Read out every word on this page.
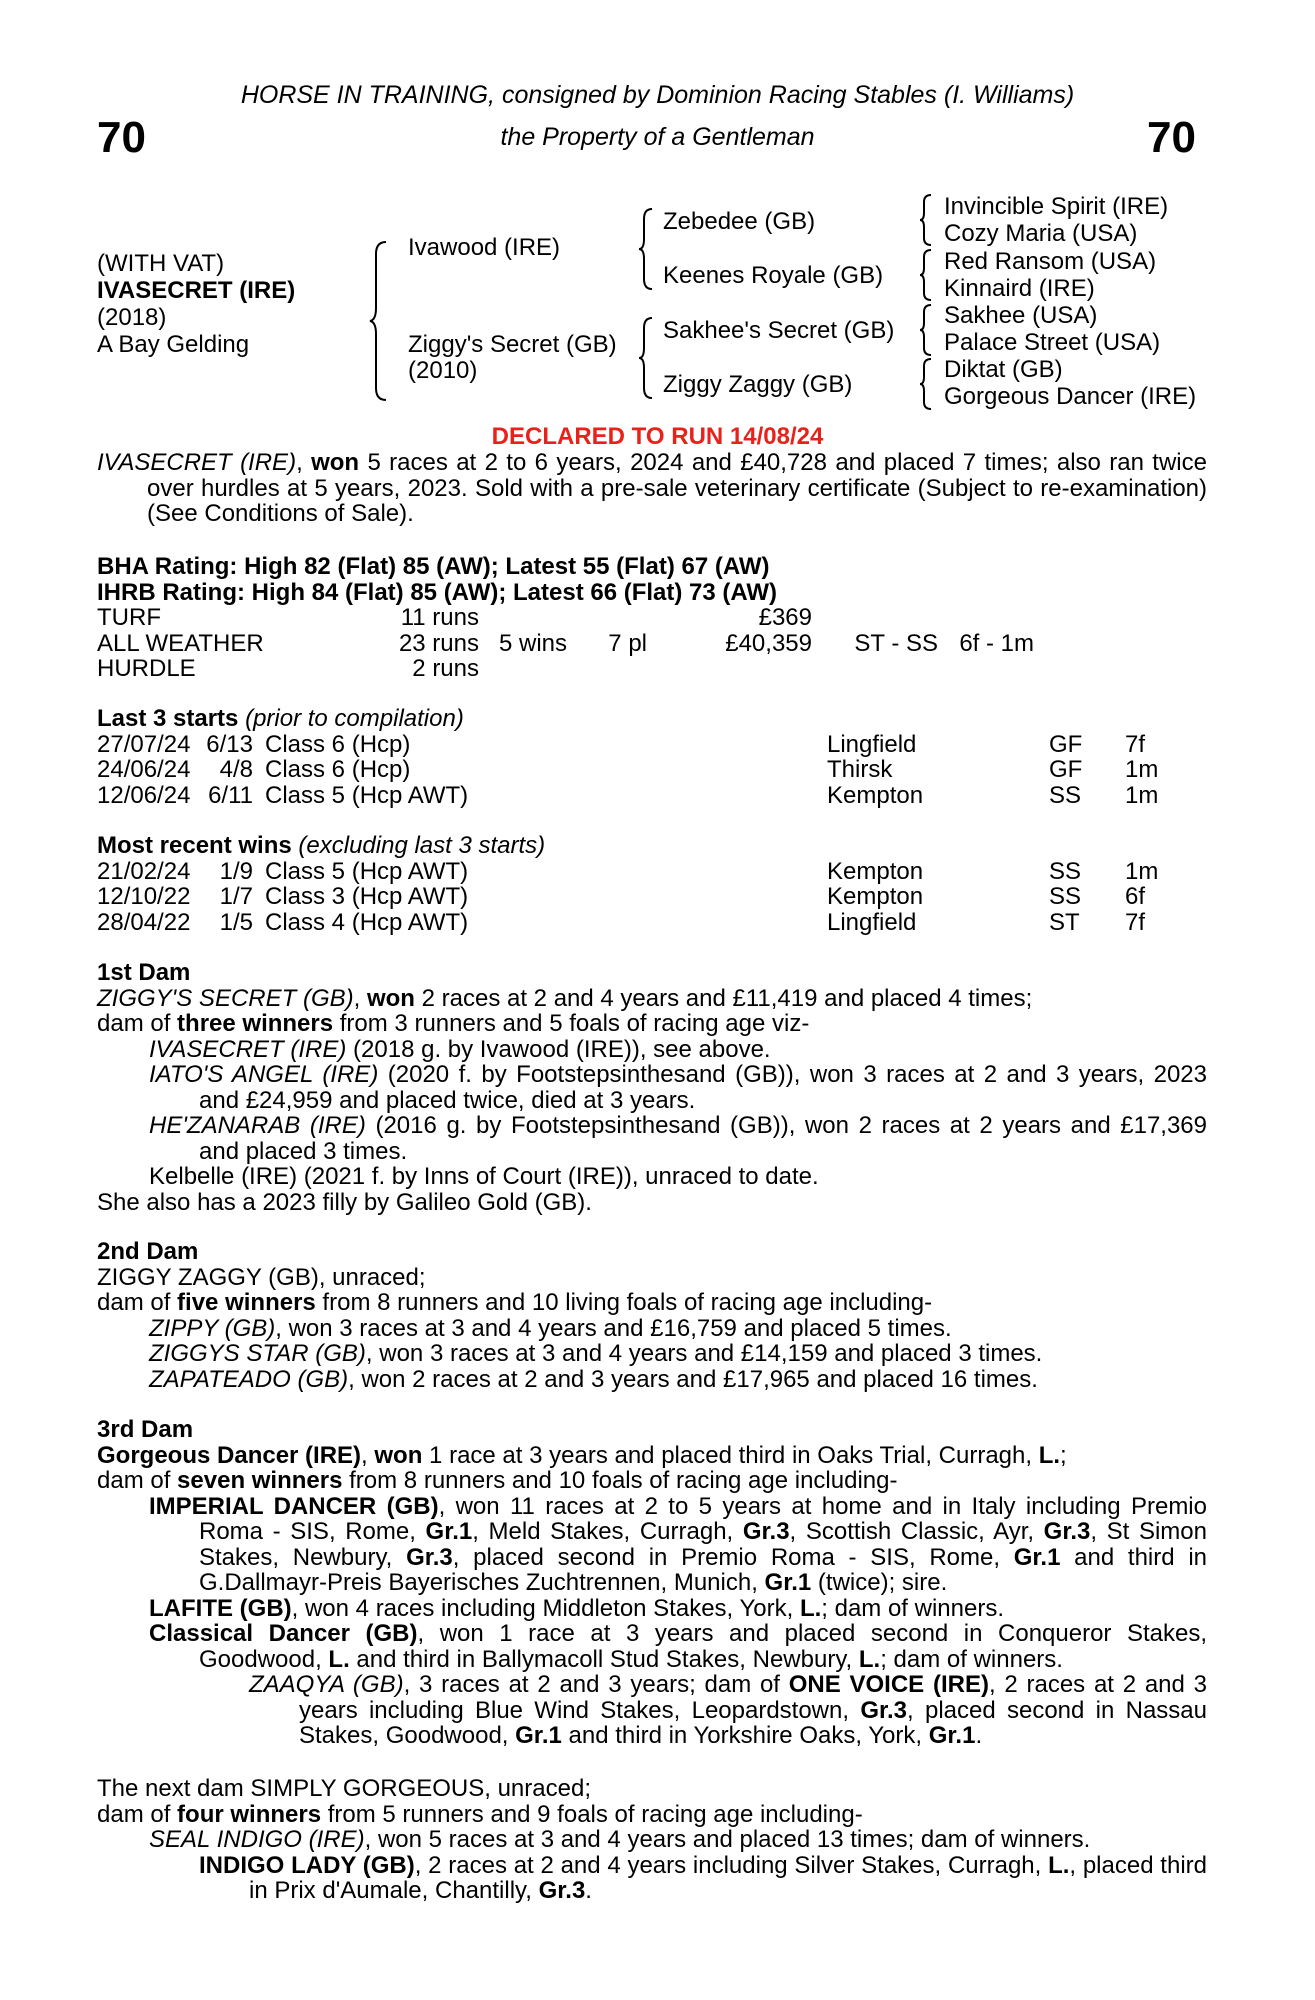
70	70
HORSE IN TRAINING, consigned by Dominion Racing Stables (I. Williams)
the Property of a Gentleman
(WITH VAT)
IVASECRET (IRE)
(2018)
A Bay Gelding
Ivawood (IRE)
Ziggy's Secret (GB)
(2010)
Zebedee (GB)
Keenes Royale (GB)
Sakhee's Secret (GB)
Ziggy Zaggy (GB)
Invincible Spirit (IRE)
Cozy Maria (USA)
Red Ransom (USA)
Kinnaird (IRE)
Sakhee (USA)
Palace Street (USA)
Diktat (GB)
Gorgeous Dancer (IRE)
DECLARED TO RUN 14/08/24

IVASECRET (IRE), won 5 races at 2 to 6 years, 2024 and £40,728 and placed 7 times; also ran twice over hurdles at 5 years, 2023. Sold with a pre-sale veterinary certificate (Subject to re-examination) (See Conditions of Sale).

BHA Rating: High 82 (Flat) 85 (AW); Latest 55 (Flat) 67 (AW)

IHRB Rating: High 84 (Flat) 85 (AW); Latest 66 (Flat) 73 (AW)

TURF	11 runs			£369		
ALL WEATHER	23 runs	5 wins	7 pl	£40,359	ST - SS	6f - 1m
HURDLE	2 runs					

Last 3 starts (prior to compilation)

27/07/24	6/13	Class 6 (Hcp)	Lingfield	GF	7f
24/06/24	4/8	Class 6 (Hcp)	Thirsk	GF	1m
12/06/24	6/11	Class 5 (Hcp AWT)	Kempton	SS	1m

Most recent wins (excluding last 3 starts)

21/02/24	1/9	Class 5 (Hcp AWT)	Kempton	SS	1m
12/10/22	1/7	Class 3 (Hcp AWT)	Kempton	SS	6f
28/04/22	1/5	Class 4 (Hcp AWT)	Lingfield	ST	7f

1st Dam

ZIGGY'S SECRET (GB), won 2 races at 2 and 4 years and £11,419 and placed 4 times;

dam of three winners from 3 runners and 5 foals of racing age viz-

IVASECRET (IRE) (2018 g. by Ivawood (IRE)), see above.

IATO'S ANGEL (IRE) (2020 f. by Footstepsinthesand (GB)), won 3 races at 2 and 3 years, 2023 and £24,959 and placed twice, died at 3 years.

HE'ZANARAB (IRE) (2016 g. by Footstepsinthesand (GB)), won 2 races at 2 years and £17,369 and placed 3 times.

Kelbelle (IRE) (2021 f. by Inns of Court (IRE)), unraced to date.

She also has a 2023 filly by Galileo Gold (GB).

2nd Dam

ZIGGY ZAGGY (GB), unraced;

dam of five winners from 8 runners and 10 living foals of racing age including-

ZIPPY (GB), won 3 races at 3 and 4 years and £16,759 and placed 5 times.

ZIGGYS STAR (GB), won 3 races at 3 and 4 years and £14,159 and placed 3 times.

ZAPATEADO (GB), won 2 races at 2 and 3 years and £17,965 and placed 16 times.

3rd Dam

Gorgeous Dancer (IRE), won 1 race at 3 years and placed third in Oaks Trial, Curragh, L.;

dam of seven winners from 8 runners and 10 foals of racing age including-

IMPERIAL DANCER (GB), won 11 races at 2 to 5 years at home and in Italy including Premio Roma - SIS, Rome, Gr.1, Meld Stakes, Curragh, Gr.3, Scottish Classic, Ayr, Gr.3, St Simon Stakes, Newbury, Gr.3, placed second in Premio Roma - SIS, Rome, Gr.1 and third in G.Dallmayr-Preis Bayerisches Zuchtrennen, Munich, Gr.1 (twice); sire.

LAFITE (GB), won 4 races including Middleton Stakes, York, L.; dam of winners.

Classical Dancer (GB), won 1 race at 3 years and placed second in Conqueror Stakes, Goodwood, L. and third in Ballymacoll Stud Stakes, Newbury, L.; dam of winners.

ZAAQYA (GB), 3 races at 2 and 3 years; dam of ONE VOICE (IRE), 2 races at 2 and 3 years including Blue Wind Stakes, Leopardstown, Gr.3, placed second in Nassau Stakes, Goodwood, Gr.1 and third in Yorkshire Oaks, York, Gr.1.

The next dam SIMPLY GORGEOUS, unraced;

dam of four winners from 5 runners and 9 foals of racing age including-

SEAL INDIGO (IRE), won 5 races at 3 and 4 years and placed 13 times; dam of winners.

INDIGO LADY (GB), 2 races at 2 and 4 years including Silver Stakes, Curragh, L., placed third in Prix d'Aumale, Chantilly, Gr.3.
